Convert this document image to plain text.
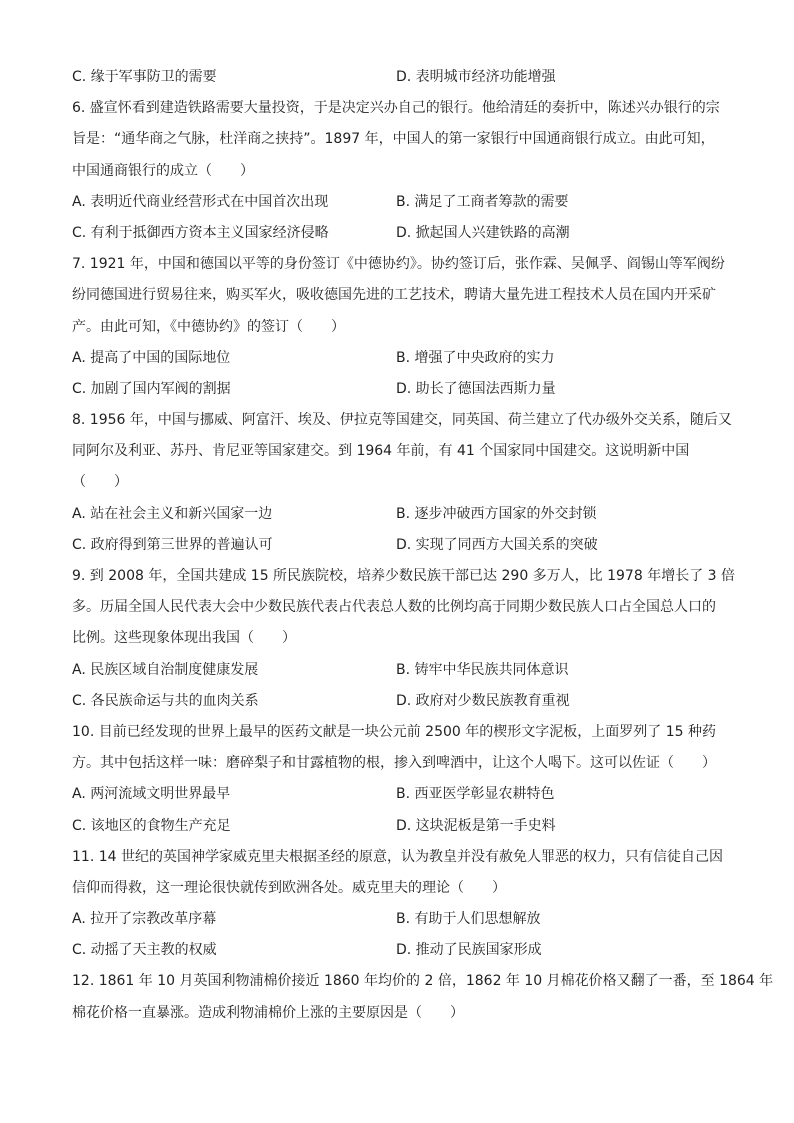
C. 缘于军事防卫的需要	D. 表明城市经济功能增强
6. 盛宣怀看到建造铁路需要大量投资，于是决定兴办自己的银行。他给清廷的奏折中，陈述兴办银行的宗
旨是：“通华商之气脉，杜洋商之挟持”。1897 年，中国人的第一家银行中国通商银行成立。由此可知，
中国通商银行的成立（　　）
A. 表明近代商业经营形式在中国首次出现	B. 满足了工商者筹款的需要
C. 有利于抵御西方资本主义国家经济侵略	D. 掀起国人兴建铁路的高潮
7. 1921 年，中国和德国以平等的身份签订《中德协约》。协约签订后，张作霖、吴佩孚、阎锡山等军阀纷
纷同德国进行贸易往来，购买军火，吸收德国先进的工艺技术，聘请大量先进工程技术人员在国内开采矿
产。由此可知，《中德协约》的签订（　　）
A. 提高了中国的国际地位	B. 增强了中央政府的实力
C. 加剧了国内军阀的割据	D. 助长了德国法西斯力量
8. 1956 年，中国与挪威、阿富汗、埃及、伊拉克等国建交，同英国、荷兰建立了代办级外交关系，随后又
同阿尔及利亚、苏丹、肯尼亚等国家建交。到 1964 年前，有 41 个国家同中国建交。这说明新中国
（　　）
A. 站在社会主义和新兴国家一边	B. 逐步冲破西方国家的外交封锁
C. 政府得到第三世界的普遍认可	D. 实现了同西方大国关系的突破
9. 到 2008 年，全国共建成 15 所民族院校，培养少数民族干部已达 290 多万人，比 1978 年增长了 3 倍
多。历届全国人民代表大会中少数民族代表占代表总人数的比例均高于同期少数民族人口占全国总人口的
比例。这些现象体现出我国（　　）
A. 民族区域自治制度健康发展	B. 铸牢中华民族共同体意识
C. 各民族命运与共的血肉关系	D. 政府对少数民族教育重视
10. 目前已经发现的世界上最早的医药文献是一块公元前 2500 年的楔形文字泥板，上面罗列了 15 种药
方。其中包括这样一味：磨碎梨子和甘露植物的根，掺入到啤酒中，让这个人喝下。这可以佐证（　　）
A. 两河流域文明世界最早	B. 西亚医学彰显农耕特色
C. 该地区的食物生产充足	D. 这块泥板是第一手史料
11. 14 世纪的英国神学家威克里夫根据圣经的原意，认为教皇并没有赦免人罪恶的权力，只有信徒自己因
信仰而得救，这一理论很快就传到欧洲各处。威克里夫的理论（　　）
A. 拉开了宗教改革序幕	B. 有助于人们思想解放
C. 动摇了天主教的权威	D. 推动了民族国家形成
12. 1861 年 10 月英国利物浦棉价接近 1860 年均价的 2 倍，1862 年 10 月棉花价格又翻了一番，至 1864 年
棉花价格一直暴涨。造成利物浦棉价上涨的主要原因是（　　）
